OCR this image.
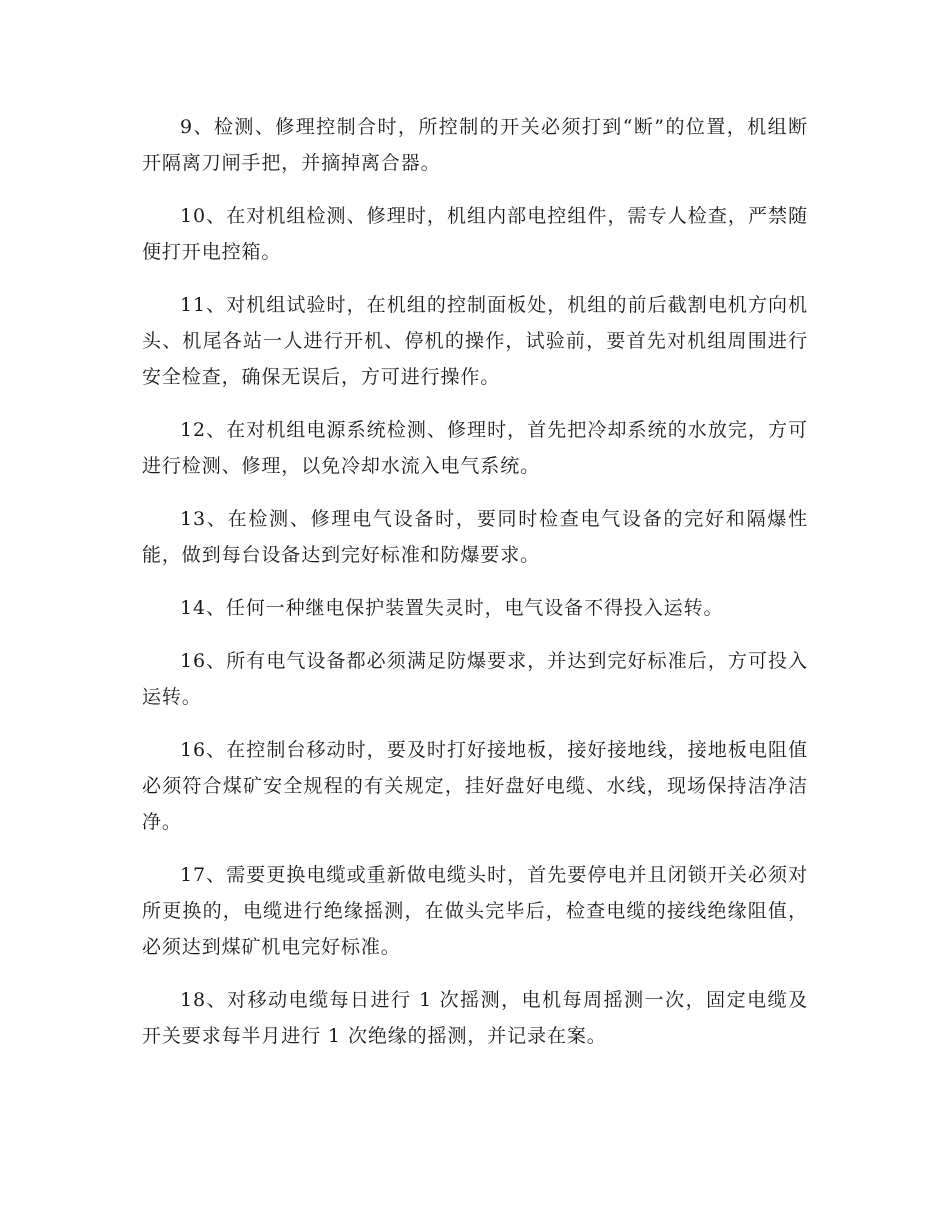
9、检测、修理控制合时，所控制的开关必须打到“断”的位置，机组断开隔离刀闸手把，并摘掉离合器。

10、在对机组检测、修理时，机组内部电控组件，需专人检查，严禁随便打开电控箱。

11、对机组试验时，在机组的控制面板处，机组的前后截割电机方向机头、机尾各站一人进行开机、停机的操作，试验前，要首先对机组周围进行安全检查，确保无误后，方可进行操作。

12、在对机组电源系统检测、修理时，首先把冷却系统的水放完，方可进行检测、修理，以免冷却水流入电气系统。

13、在检测、修理电气设备时，要同时检查电气设备的完好和隔爆性能，做到每台设备达到完好标准和防爆要求。

14、任何一种继电保护装置失灵时，电气设备不得投入运转。

16、所有电气设备都必须满足防爆要求，并达到完好标准后，方可投入运转。

16、在控制台移动时，要及时打好接地板，接好接地线，接地板电阻值必须符合煤矿安全规程的有关规定，挂好盘好电缆、水线，现场保持洁净洁净。

17、需要更换电缆或重新做电缆头时，首先要停电并且闭锁开关必须对所更换的，电缆进行绝缘摇测，在做头完毕后，检查电缆的接线绝缘阻值，必须达到煤矿机电完好标准。

18、对移动电缆每日进行 1 次摇测，电机每周摇测一次，固定电缆及开关要求每半月进行 1 次绝缘的摇测，并记录在案。
